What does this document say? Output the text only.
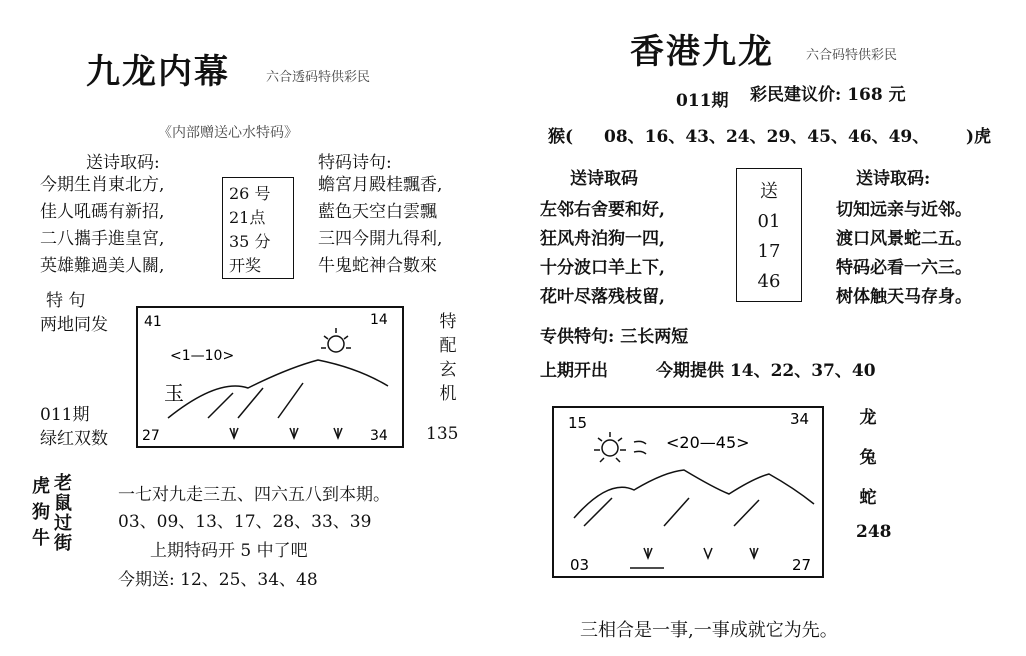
九龙内幕	六合透码特供彩民
《内部赠送心水特码》
送诗取码:
今期生肖東北方,
佳人吼碼有新招,
二八攜手進皇宮,
英雄難過美人關,
26 号
21点
35 分
开奖
特码诗句:
蟾宮月殿桂飄香,
藍色天空白雲飄
三四今開九得利,
牛鬼蛇神合數來
特 句
两地同发	41	14
27	34
<1—10>
玉
特
配
玄
机
011期
绿红双数	135
虎
狗
牛
老
鼠
过
街
一七对九走三五、四六五八到本期。
03、09、13、17、28、33、39
上期特码开 5 中了吧
今期送: 12、25、34、48
香港九龙 六合码特供彩民
011期 彩民建议价: 168 元
猴( 08、16、43、24、29、45、46、49、 )虎
送诗取码	送诗取码:
左邻右舍要和好,
狂风舟泊狗一四,
十分波口羊上下,
花叶尽落残枝留,
送
01
17
46
切知远亲与近邻。
渡口风景蛇二五。
特码必看一六三。
树体触天马存身。
专供特句: 三长两短
上期开出	今期提供 14、22、37、40
15	34
03	27
<20—45>
龙
兔
蛇
248
三相合是一事,一事成就它为先。
